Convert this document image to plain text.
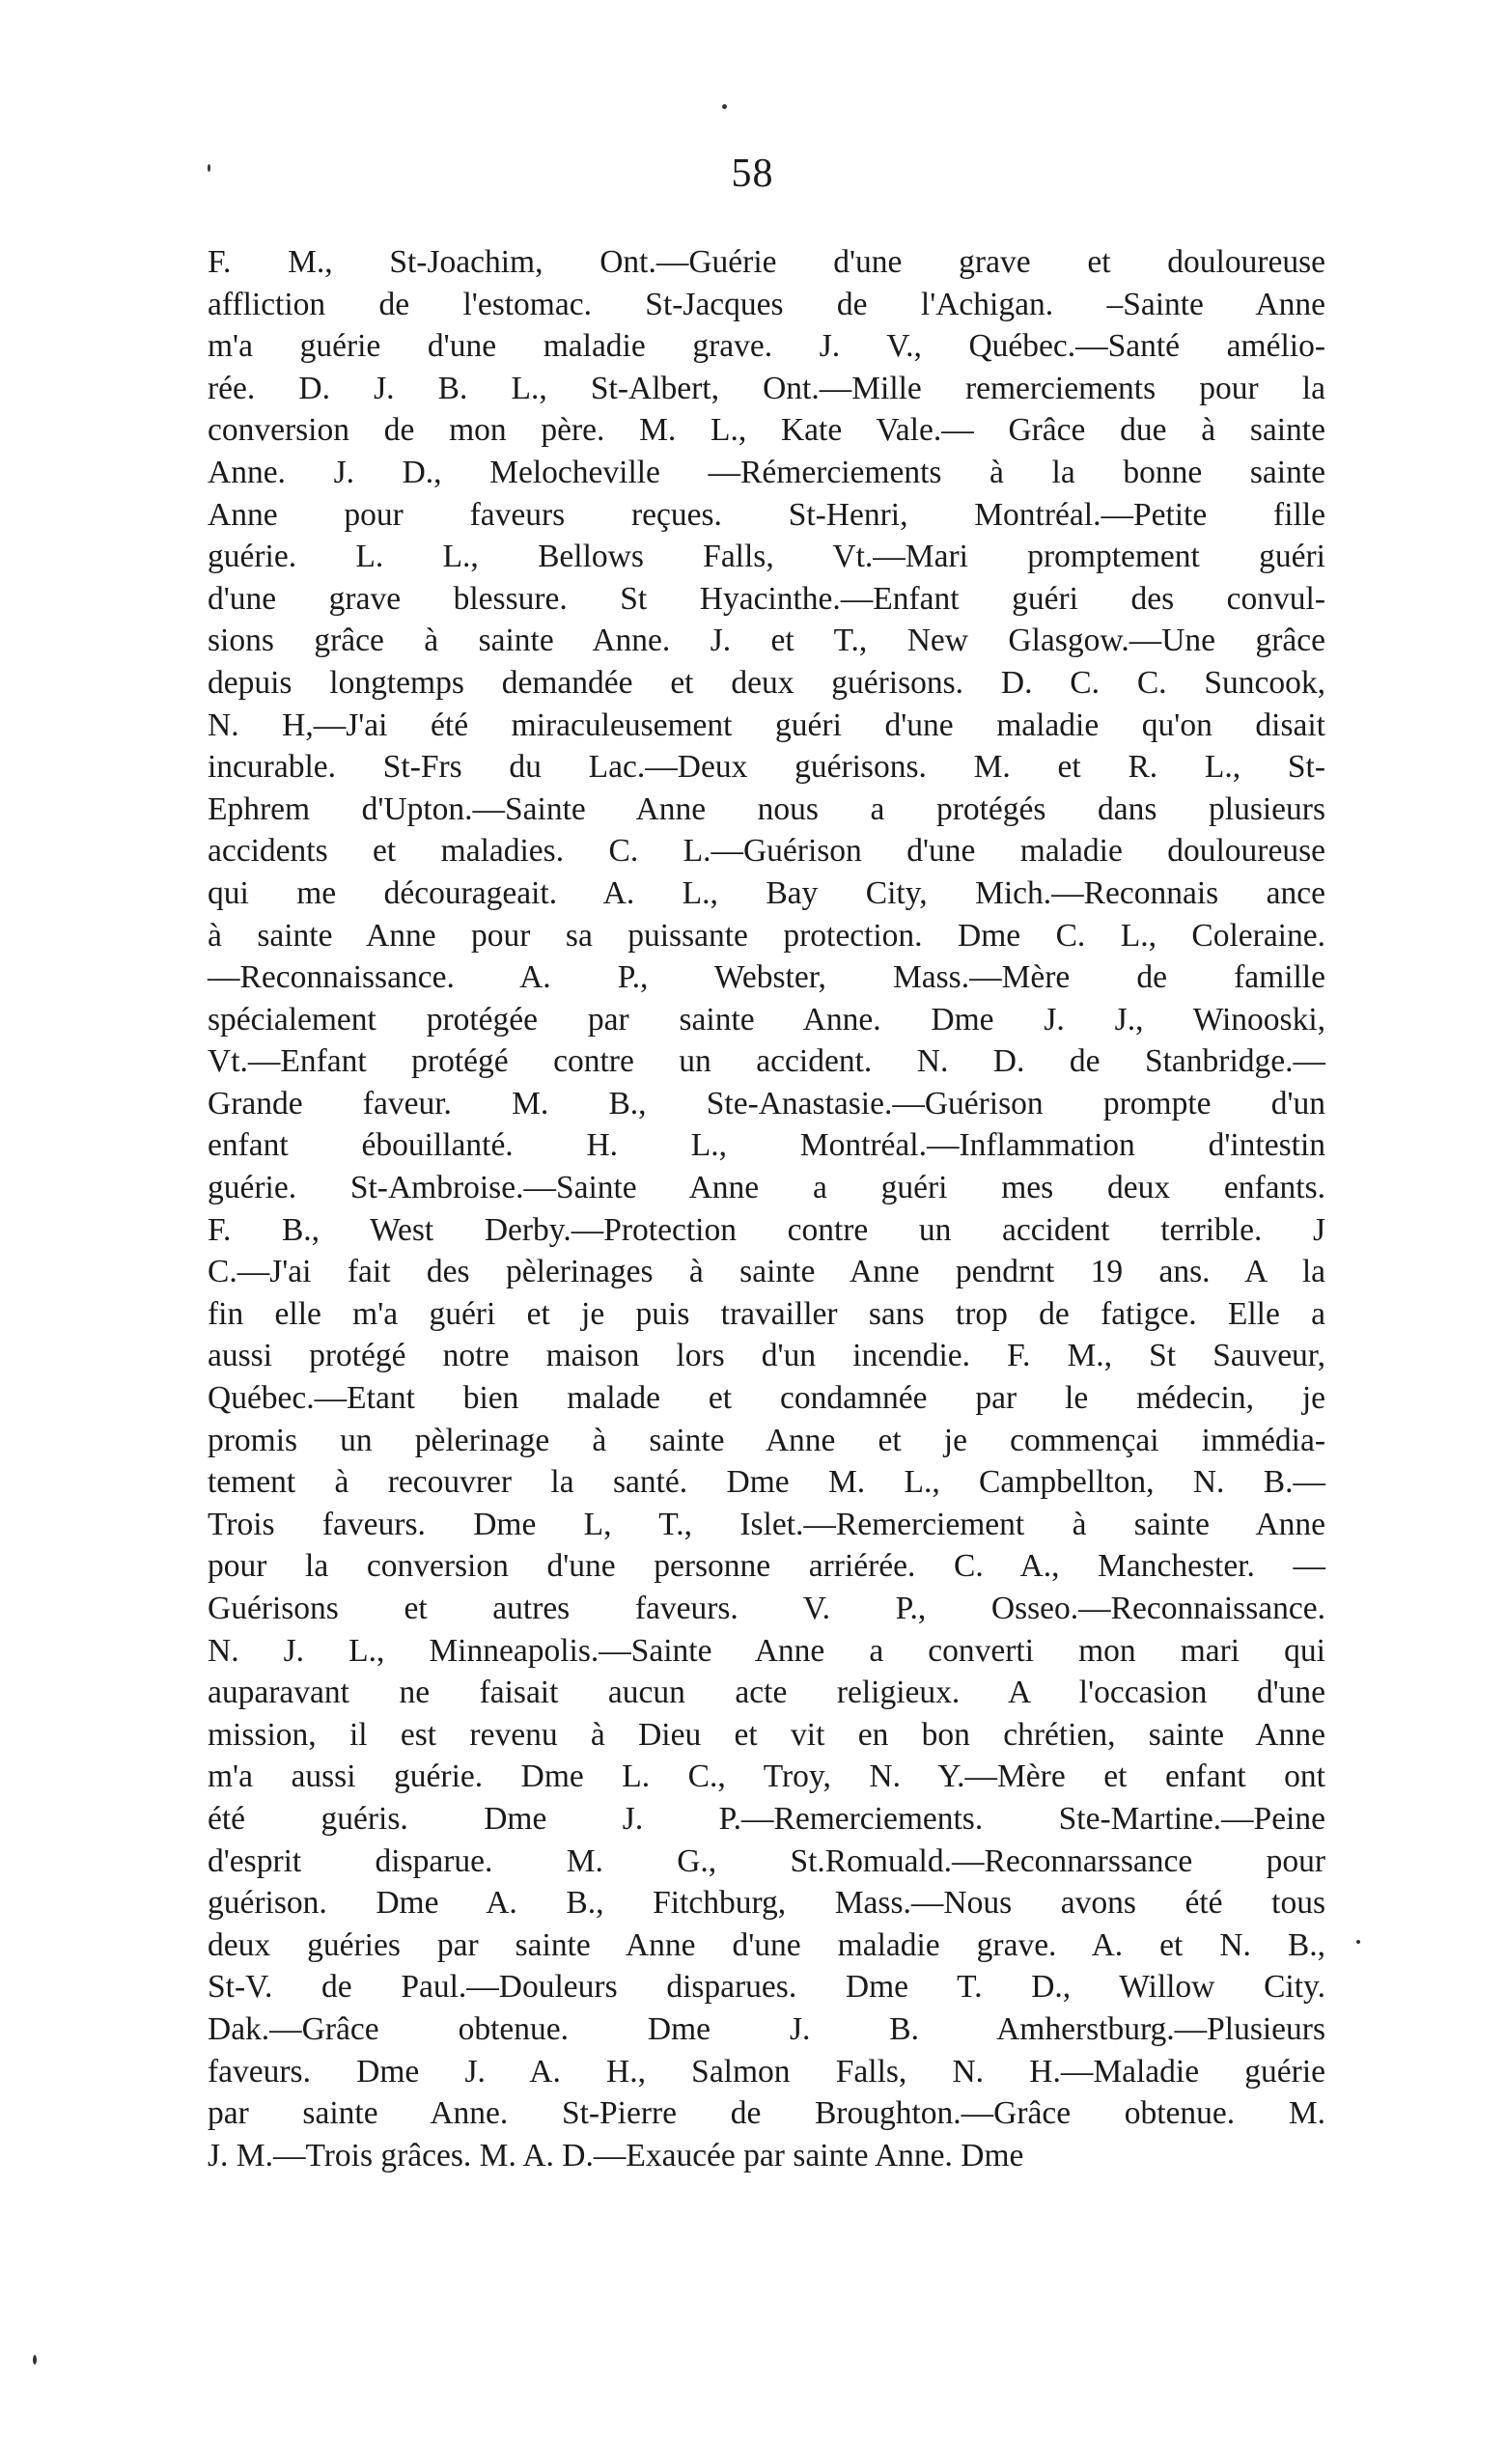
58
F. M., St-Joachim, Ont.—Guérie d'une grave et douloureuse
affliction de l'estomac. St-Jacques de l'Achigan. –Sainte Anne
m'a guérie d'une maladie grave. J. V., Québec.—Santé amélio-
rée. D. J. B. L., St-Albert, Ont.—Mille remerciements pour la
conversion de mon père. M. L., Kate Vale.— Grâce due à sainte
Anne. J. D., Melocheville —Rémerciements à la bonne sainte
Anne pour faveurs reçues. St-Henri, Montréal.—Petite fille
guérie. L. L., Bellows Falls, Vt.—Mari promptement guéri
d'une grave blessure. St Hyacinthe.—Enfant guéri des convul-
sions grâce à sainte Anne. J. et T., New Glasgow.—Une grâce
depuis longtemps demandée et deux guérisons. D. C. C. Suncook,
N. H,—J'ai été miraculeusement guéri d'une maladie qu'on disait
incurable. St-Frs du Lac.—Deux guérisons. M. et R. L., St-
Ephrem d'Upton.—Sainte Anne nous a protégés dans plusieurs
accidents et maladies. C. L.—Guérison d'une maladie douloureuse
qui me décourageait. A. L., Bay City, Mich.—Reconnais ance
à sainte Anne pour sa puissante protection. Dme C. L., Coleraine.
—Reconnaissance. A. P., Webster, Mass.—Mère de famille
spécialement protégée par sainte Anne. Dme J. J., Winooski,
Vt.—Enfant protégé contre un accident. N. D. de Stanbridge.—
Grande faveur. M. B., Ste-Anastasie.—Guérison prompte d'un
enfant ébouillanté. H. L., Montréal.—Inflammation d'intestin
guérie. St-Ambroise.—Sainte Anne a guéri mes deux enfants.
F. B., West Derby.—Protection contre un accident terrible. J
C.—J'ai fait des pèlerinages à sainte Anne pendrnt 19 ans. A la
fin elle m'a guéri et je puis travailler sans trop de fatigce. Elle a
aussi protégé notre maison lors d'un incendie. F. M., St Sauveur,
Québec.—Etant bien malade et condamnée par le médecin, je
promis un pèlerinage à sainte Anne et je commençai immédia-
tement à recouvrer la santé. Dme M. L., Campbellton, N. B.—
Trois faveurs. Dme L, T., Islet.—Remerciement à sainte Anne
pour la conversion d'une personne arriérée. C. A., Manchester. —
Guérisons et autres faveurs. V. P., Osseo.—Reconnaissance.
N. J. L., Minneapolis.—Sainte Anne a converti mon mari qui
auparavant ne faisait aucun acte religieux. A l'occasion d'une
mission, il est revenu à Dieu et vit en bon chrétien, sainte Anne
m'a aussi guérie. Dme L. C., Troy, N. Y.—Mère et enfant ont
été guéris. Dme J. P.—Remerciements. Ste-Martine.—Peine
d'esprit disparue. M. G., St.Romuald.—Reconnarssance pour
guérison. Dme A. B., Fitchburg, Mass.—Nous avons été tous
deux guéries par sainte Anne d'une maladie grave. A. et N. B.,
St-V. de Paul.—Douleurs disparues. Dme T. D., Willow City.
Dak.—Grâce obtenue. Dme J. B. Amherstburg.—Plusieurs
faveurs. Dme J. A. H., Salmon Falls, N. H.—Maladie guérie
par sainte Anne. St-Pierre de Broughton.—Grâce obtenue. M.
J. M.—Trois grâces. M. A. D.—Exaucée par sainte Anne. Dme
